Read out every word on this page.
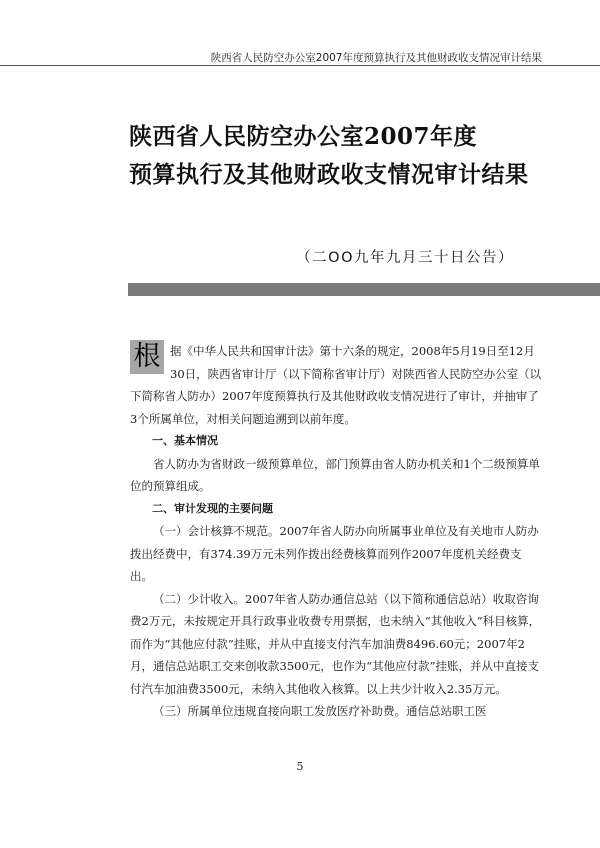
陕西省人民防空办公室2007年度预算执行及其他财政收支情况审计结果
陕西省人民防空办公室2007年度
预算执行及其他财政收支情况审计结果
（二OO九年九月三十日公告）

根 据《中华人民共和国审计法》第十六条的规定，2008年5月19日至12月30日，陕西省审计厅（以下简称省审计厅）对陕西省人民防空办公室（以下简称省人防办）2007年度预算执行及其他财政收支情况进行了审计，并抽审了3个所属单位，对相关问题追溯到以前年度。

一、基本情况

省人防办为省财政一级预算单位，部门预算由省人防办机关和1个二级预算单位的预算组成。

二、审计发现的主要问题

（一）会计核算不规范。2007年省人防办向所属事业单位及有关地市人防办拨出经费中，有374.39万元未列作拨出经费核算而列作2007年度机关经费支出。

（二）少计收入。2007年省人防办通信总站（以下简称通信总站）收取咨询费2万元，未按规定开具行政事业收费专用票据，也未纳入“其他收入”科目核算，而作为“其他应付款”挂账，并从中直接支付汽车加油费8496.60元；2007年2月，通信总站职工交来创收款3500元，也作为“其他应付款”挂账，并从中直接支付汽车加油费3500元，未纳入其他收入核算。以上共少计收入2.35万元。

（三）所属单位违规直接向职工发放医疗补助费。通信总站职工医

5
